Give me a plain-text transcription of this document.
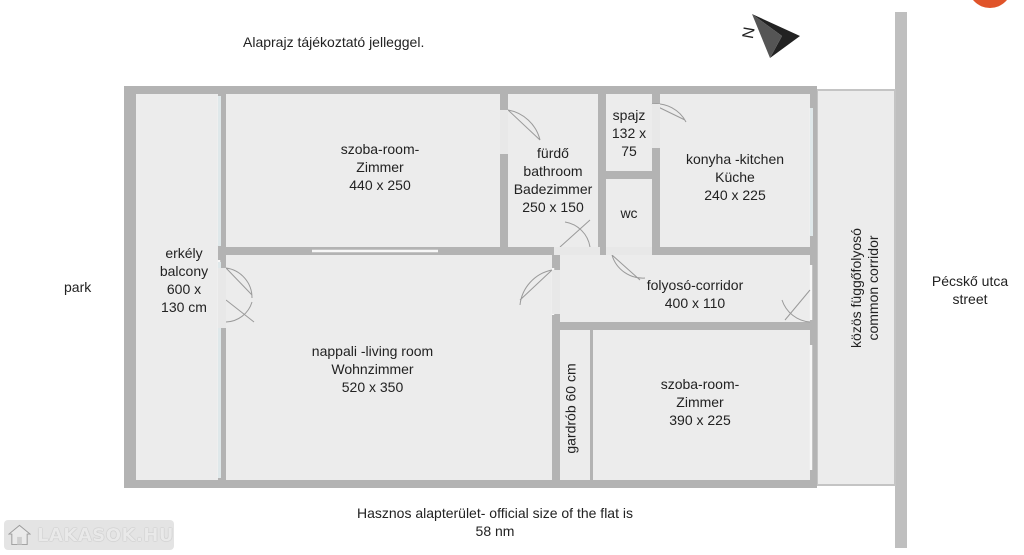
Alaprajz tájékoztató jelleggel.
N
szoba-room-
Zimmer
440 x 250
fürdő
bathroom
Badezimmer
250 x 150
spajz
132 x
75
wc
konyha -kitchen
Küche
240 x 225
erkély
balcony
600 x
130 cm
nappali -living room
Wohnzimmer
520 x 350
folyosó-corridor
400 x 110
gardrób 60 cm	szoba-room-
Zimmer
390 x 225
közös függőfolyosó common corridor
park	Pécskő utca
street
Hasznos alapterület- official size of the flat is
58 nm
LAKASOK.HU
